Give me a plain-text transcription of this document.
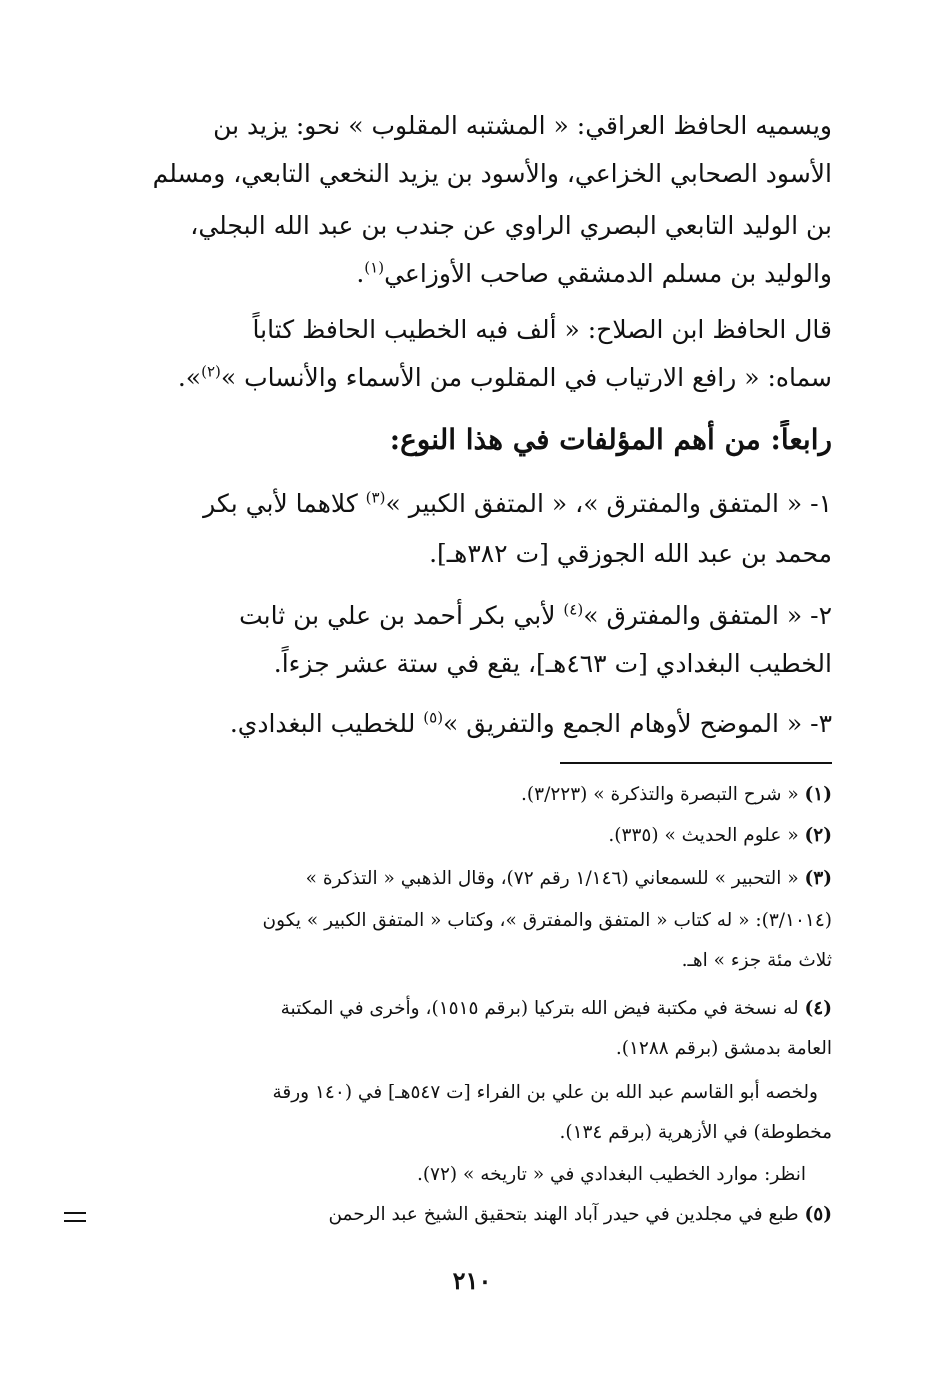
ويسميه الحافظ العراقي: « المشتبه المقلوب » نحو: يزيد بن
الأسود الصحابي الخزاعي، والأسود بن يزيد النخعي التابعي، ومسلم
بن الوليد التابعي البصري الراوي عن جندب بن عبد الله البجلي،
والوليد بن مسلم الدمشقي صاحب الأوزاعي$^{(١)}$.
قال الحافظ ابن الصلاح: « ألف فيه الخطيب الحافظ كتاباً
سماه: « رافع الارتياب في المقلوب من الأسماء والأنساب »$^{(٢)}$».
رابعاً: من أهم المؤلفات في هذا النوع:
١- « المتفق والمفترق »، « المتفق الكبير »$^{(٣)}$ كلاهما لأبي بكر
محمد بن عبد الله الجوزقي [ت ٣٨٢هـ].
٢- « المتفق والمفترق »$^{(٤)}$ لأبي بكر أحمد بن علي بن ثابت
الخطيب البغدادي [ت ٤٦٣هـ]، يقع في ستة عشر جزءاً.
٣- « الموضح لأوهام الجمع والتفريق »$^{(٥)}$ للخطيب البغدادي.
(١) « شرح التبصرة والتذكرة » (٣/٢٢٣).
(٢) « علوم الحديث » (٣٣٥).
(٣) « التحبير » للسمعاني (١/١٤٦ رقم ٧٢)، وقال الذهبي « التذكرة »
(٣/١٠١٤): « له كتاب « المتفق والمفترق »، وكتاب « المتفق الكبير » يكون
ثلاث مئة جزء » اهـ.
(٤) له نسخة في مكتبة فيض الله بتركيا (برقم ١٥١٥)، وأخرى في المكتبة
العامة بدمشق (برقم ١٢٨٨).
ولخصه أبو القاسم عبد الله بن علي بن الفراء [ت ٥٤٧هـ] في (١٤٠ ورقة
مخطوطة) في الأزهرية (برقم ١٣٤).
انظر: موارد الخطيب البغدادي في « تاريخه » (٧٢).
(٥) طبع في مجلدين في حيدر آباد الهند بتحقيق الشيخ عبد الرحمن
٢١٠
